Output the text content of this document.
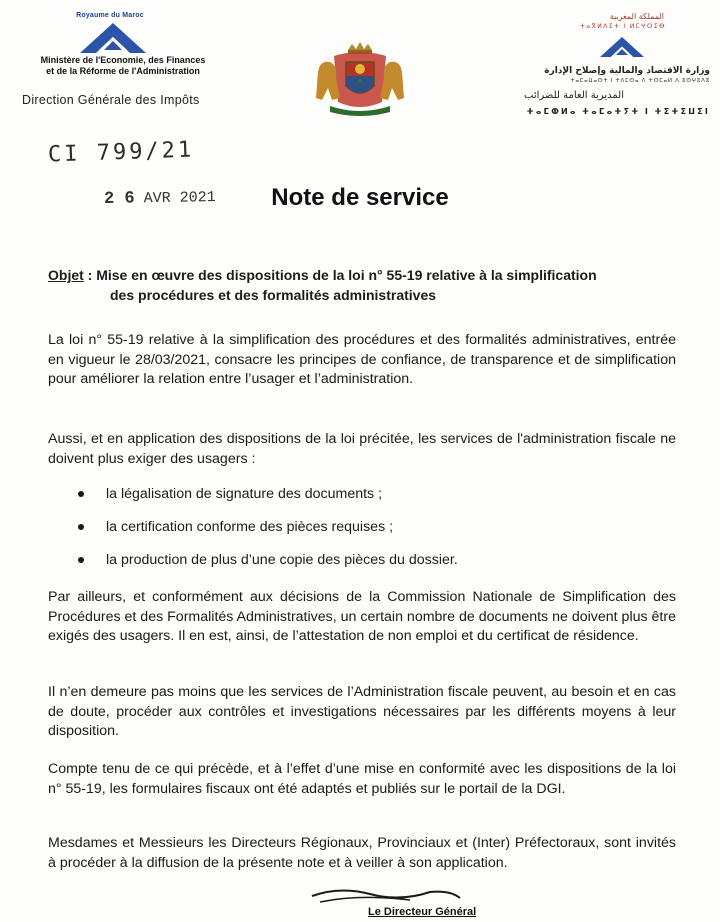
Royaume du Maroc
Ministère de l'Economie, des Finances
et de la Réforme de l'Administration
Direction Générale des Impôts
المملكة المغربية
ⵜⴰⴳⵍⴷⵉⵜ ⵏ ⵍⵎⵖⵔⵉⴱ
وزارة الاقتصاد والمالية وإصلاح الإدارة
ⵜⴰⵎⴰⵡⴰⵙⵜ ⵏ ⵜⴷⵎⵙⴰ ⴷ ⵜⵙⵎⴰⵍ ⴷ ⵓⵙⵖⵓⴷⵓ
المديرية العامة للضرائب
ⵜⴰⵎⵀⵍⴰ ⵜⴰⵎⴰⵜⵢⵜ ⵏ ⵜⵉⵜⵉⵡⵉⵏ
CI 799/21
2 6 AVR 2021	Note de service
Objet : Mise en œuvre des dispositions de la loi n° 55-19 relative à la simplification
des procédures et des formalités administratives
La loi n° 55-19 relative à la simplification des procédures et des formalités administratives, entrée en vigueur le 28/03/2021, consacre les principes de confiance, de transparence et de simplification pour améliorer la relation entre l’usager et l’administration.
Aussi, et en application des dispositions de la loi précitée, les services de l'administration fiscale ne doivent plus exiger des usagers :
la légalisation de signature des documents ;
la certification conforme des pièces requises ;
la production de plus d’une copie des pièces du dossier.
Par ailleurs, et conformément aux décisions de la Commission Nationale de Simplification des Procédures et des Formalités Administratives, un certain nombre de documents ne doivent plus être exigés des usagers. Il en est, ainsi, de l’attestation de non emploi et du certificat de résidence.
Il n’en demeure pas moins que les services de l’Administration fiscale peuvent, au besoin et en cas de doute, procéder aux contrôles et investigations nécessaires par les différents moyens à leur disposition.
Compte tenu de ce qui précède, et à l’effet d’une mise en conformité avec les dispositions de la loi n° 55-19, les formulaires fiscaux ont été adaptés et publiés sur le portail de la DGI.
Mesdames et Messieurs les Directeurs Régionaux, Provinciaux et (Inter) Préfectoraux, sont invités à procéder à la diffusion de la présente note et à veiller à son application.
Le Directeur Général
